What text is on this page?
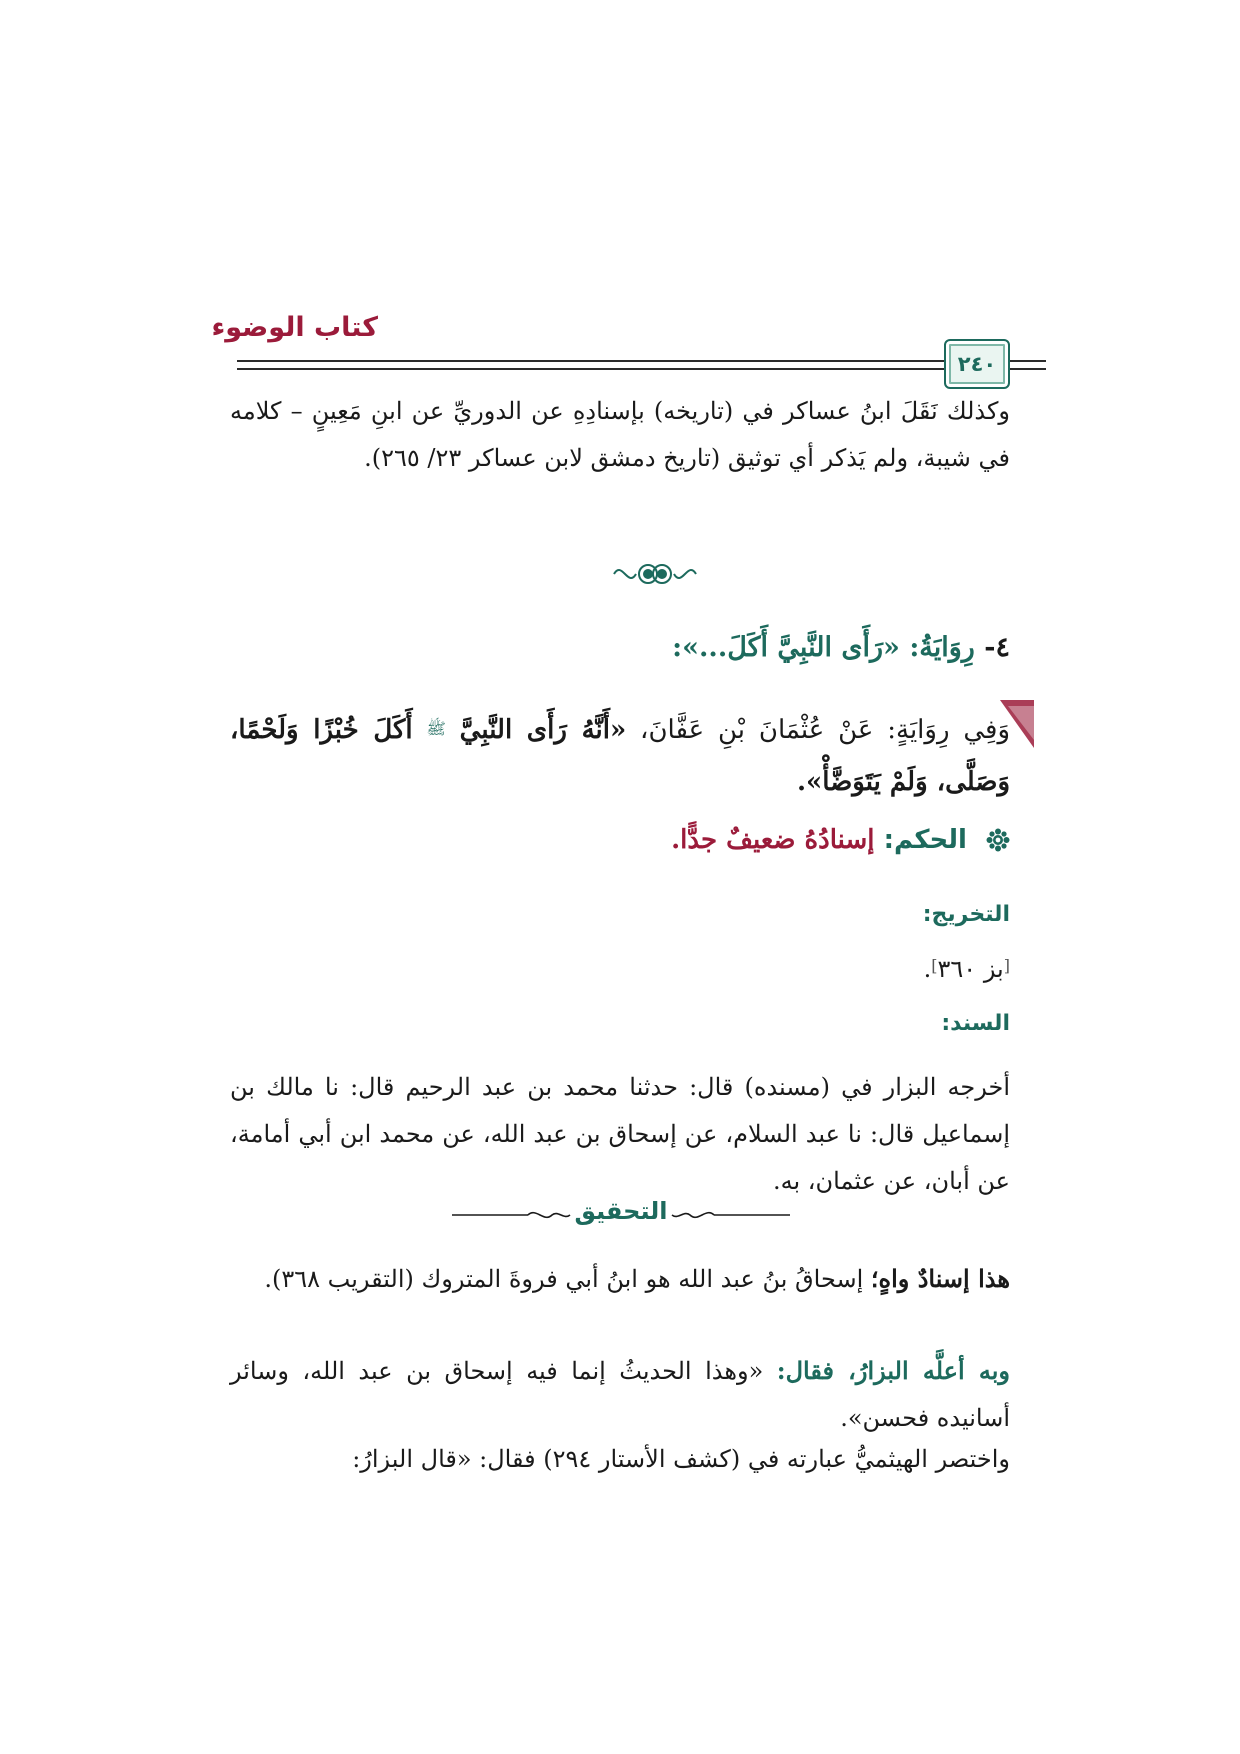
كتاب الوضوء
٢٤٠
وكذلك نَقَلَ ابنُ عساكر في (تاريخه) بإسنادِهِ عن الدوريِّ عن ابنِ مَعِينٍ – كلامه في شيبة، ولم يَذكر أي توثيق (تاريخ دمشق لابن عساكر ٢٣/ ٢٦٥).
٤- رِوَايَةُ: «رَأَى النَّبِيَّ أَكَلَ...»:
وَفِي رِوَايَةٍ: عَنْ عُثْمَانَ بْنِ عَفَّانَ، «أَنَّهُ رَأَى النَّبِيَّ ﷺ أَكَلَ خُبْزًا وَلَحْمًا، وَصَلَّى، وَلَمْ يَتَوَضَّأْ».
الحكم: إسنادُهُ ضعيفٌ جدًّا.
التخريج:
[بز ٣٦٠].
السند:
أخرجه البزار في (مسنده) قال: حدثنا محمد بن عبد الرحيم قال: نا مالك بن إسماعيل قال: نا عبد السلام، عن إسحاق بن عبد الله، عن محمد ابن أبي أمامة، عن أبان، عن عثمان، به.
التحقيق
هذا إسنادٌ واهٍ؛ إسحاقُ بنُ عبد الله هو ابنُ أبي فروةَ المتروك (التقريب ٣٦٨).
وبه أعلَّه البزارُ، فقال: «وهذا الحديثُ إنما فيه إسحاق بن عبد الله، وسائر أسانيده فحسن».
واختصر الهيثميُّ عبارته في (كشف الأستار ٢٩٤) فقال: «قال البزارُ:
